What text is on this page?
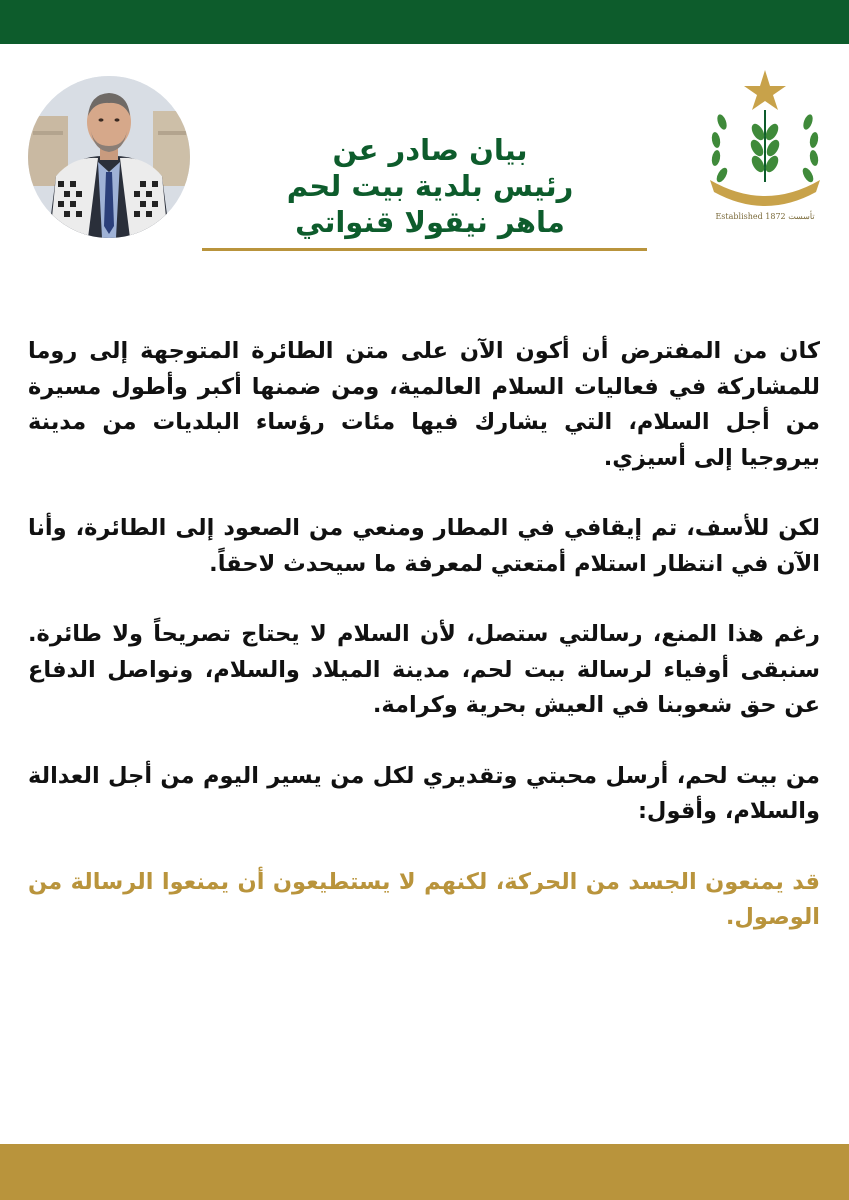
Established 1872 تأسست
بيان صادر عن
رئيس بلدية بيت لحم
ماهر نيقولا قنواتي

كان من المفترض أن أكون الآن على متن الطائرة المتوجهة إلى روما للمشاركة في فعاليات السلام العالمية، ومن ضمنها أكبر وأطول مسيرة من أجل السلام، التي يشارك فيها مئات رؤساء البلديات من مدينة بيروجيا إلى أسيزي.

لكن للأسف، تم إيقافي في المطار ومنعي من الصعود إلى الطائرة، وأنا الآن في انتظار استلام أمتعتي لمعرفة ما سيحدث لاحقاً.

رغم هذا المنع، رسالتي ستصل، لأن السلام لا يحتاج تصريحاً ولا طائرة. سنبقى أوفياء لرسالة بيت لحم، مدينة الميلاد والسلام، ونواصل الدفاع عن حق شعوبنا في العيش بحرية وكرامة.

من بيت لحم، أرسل محبتي وتقديري لكل من يسير اليوم من أجل العدالة والسلام، وأقول:

قد يمنعون الجسد من الحركة، لكنهم لا يستطيعون أن يمنعوا الرسالة من الوصول.
